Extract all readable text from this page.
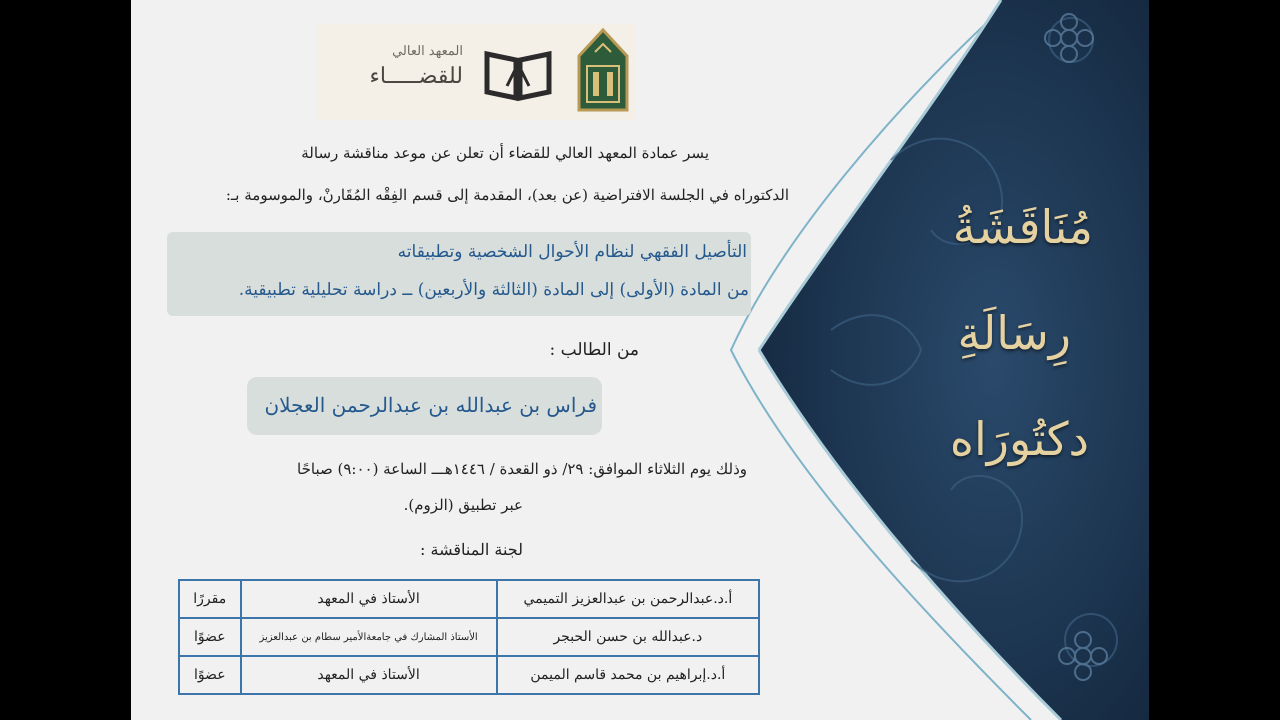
مُنَاقَشَةُ
رِسَالَةِ
دكتُورَاه
المعهد العالي
للقضـــــاء
يسر عمادة المعهد العالي للقضاء أن تعلن عن موعد مناقشة رسالة
الدكتوراه في الجلسة الافتراضية (عن بعد)، المقدمة إلى قسم الفِقْه المُقَارنْ، والموسومة بـ:
التأصيل الفقهي لنظام الأحوال الشخصية وتطبيقاته
من المادة (الأولى) إلى المادة (الثالثة والأربعين) ــ دراسة تحليلية تطبيقية.
من الطالب :
فراس بن عبدالله بن عبدالرحمن العجلان
وذلك يوم الثلاثاء الموافق: ٢٩/ ذو القعدة / ١٤٤٦هـــ الساعة (٩:٠٠) صباحًا
عبر تطبيق (الزوم).
لجنة المناقشة :
أ.د.عبدالرحمن بن عبدالعزيز التميمي	الأستاذ في المعهد	مقررًا
د.عبدالله بن حسن الحبجر	الأستاذ المشارك في جامعةالأمير سطام بن عبدالعزيز	عضوًا
أ.د.إبراهيم بن محمد قاسم الميمن	الأستاذ في المعهد	عضوًا
